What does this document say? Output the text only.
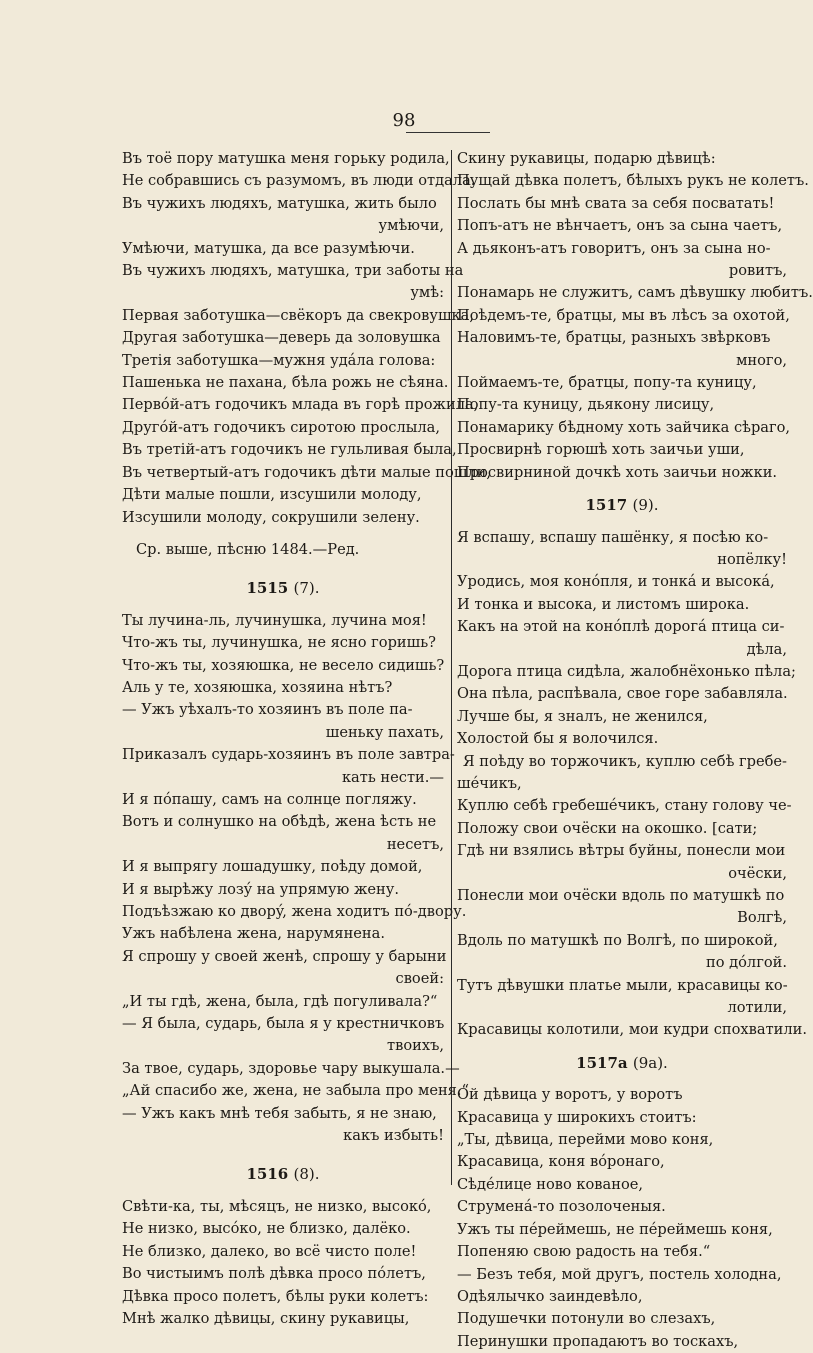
98
Въ тоё пору матушка меня горьку родила,
Не собравшись съ разумомъ, въ люди отдала.
Въ чужихъ людяхъ, матушка, жить было
умѣючи,
Умѣючи, матушка, да все разумѣючи.
Въ чужихъ людяхъ, матушка, три заботы на
умѣ:
Первая заботушка—свёкоръ да свекровушка,
Другая заботушка—деверь да золовушка
Третія заботушка—мужня удáла голова:
Пашенька не пахана, бѣла рожь не сѣяна.
Первóй-атъ годочикъ млада въ горѣ прожила,
Другóй-атъ годочикъ сиротою прослыла,
Въ третій-атъ годочикъ не гульливая была,
Въ четвертый-атъ годочикъ дѣти малые пошли,
Дѣти малые пошли, изсушили молоду,
Изсушили молоду, сокрушили зелену.
Ср. выше, пѣсню 1484.—Ред.
1515 (7).
Ты лучина-ль, лучинушка, лучина моя!
Что-жъ ты, лучинушка, не ясно горишь?
Что-жъ ты, хозяюшка, не весело сидишь?
Аль у те, хозяюшка, хозяина нѣтъ?
— Ужъ уѣхалъ-то хозяинъ въ поле па-
шеньку пахать,
Приказалъ сударь-хозяинъ въ поле завтра-
кать нести.—
И я пóпашу, самъ на солнце погляжу.
Вотъ и солнушко на обѣдѣ, жена ѣсть не
несетъ,
И я выпрягу лошадушку, поѣду домой,
И я вырѣжу лозý на упрямую жену.
Подъѣзжаю ко дворý, жена ходитъ пó-двору.
Ужъ набѣлена жена, нарумянена.
Я спрошу у своей женѣ, спрошу у барыни
своей:
„И ты гдѣ, жена, была, гдѣ погуливала?“
— Я была, сударь, была я у крестничковъ
твоихъ,
За твое, сударь, здоровье чару выкушала.—
„Ай спасибо же, жена, не забыла про меня.“
— Ужъ какъ мнѣ тебя забыть, я не знаю,
какъ избыть!
1516 (8).
Свѣти-ка, ты, мѣсяцъ, не низко, высокó,
Не низко, высóко, не близко, далёко.
Не близко, далеко, во всё чисто поле!
Во чистыимъ полѣ дѣвка просо пóлетъ,
Дѣвка просо полетъ, бѣлы руки колетъ:
Мнѣ жалко дѣвицы, скину рукавицы,
Скину рукавицы, подарю дѣвицѣ:
Пущай дѣвка полетъ, бѣлыхъ рукъ не колетъ.
Послать бы мнѣ свата за себя посватать!
Попъ-атъ не вѣнчаетъ, онъ за сына чаетъ,
А дьяконъ-атъ говоритъ, онъ за сына но-
ровитъ,
Понамарь не служитъ, самъ дѣвушку любитъ.
Поѣдемъ-те, братцы, мы въ лѣсъ за охотой,
Наловимъ-те, братцы, разныхъ звѣрковъ
много,
Поймаемъ-те, братцы, попу-та куницу,
Попу-та куницу, дьякону лисицу,
Понамарику бѣдному хоть зайчика сѣраго,
Просвирнѣ горюшѣ хоть заичьи уши,
Просвирниной дочкѣ хоть заичьи ножки.
1517 (9).
Я вспашу, вспашу пашёнку, я посѣю ко-
нопёлку!
Уродись, моя конóпля, и тонкá и высокá,
И тонка и высока, и листомъ широка.
Какъ на этой на конóплѣ дорогá птица си-
дѣла,
Дорога птица сидѣла, жалобнёхонько пѣла;
Она пѣла, распѣвала, свое горе забавляла.
Лучше бы, я зналъ, не женился,
Холостой бы я волочился.
Я поѣду во торжочикъ, куплю себѣ гребе-
шéчикъ,
Куплю себѣ гребешéчикъ, стану голову че-
Положу свои очёски на окошко. [сати;
Гдѣ ни взялись вѣтры буйны, понесли мои
очёски,
Понесли мои очёски вдоль по матушкѣ по
Волгѣ,
Вдоль по матушкѣ по Волгѣ, по широкой,
по дóлгой.
Тутъ дѣвушки платье мыли, красавицы ко-
лотили,
Красавицы колотили, мои кудри спохватили.
1517а (9а).
Ой дѣвица у воротъ, у воротъ
Красавица у широкихъ стоитъ:
„Ты, дѣвица, перейми мово коня,
Красавица, коня вóронаго,
Сѣдéлице ново кованое,
Струменá-то позолоченыя.
Ужъ ты пéреймешь, не пéреймешь коня,
Попеняю свою радость на тебя.“
— Безъ тебя, мой другъ, постель холодна,
Одѣялычко заиндевѣло,
Подушечки потонули во слезахъ,
Перинушки пропадаютъ во тоскахъ,
